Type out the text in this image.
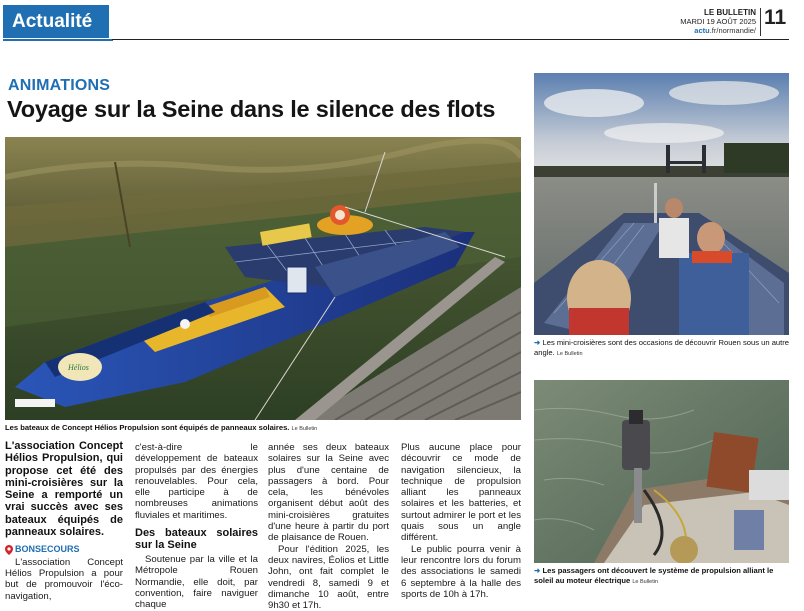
Actualité	LE BULLETIN
MARDI 19 AOÛT 2025
actu.fr/normandie/
11
ANIMATIONS
Voyage sur la Seine dans le silence des flots
Hélios
Les bateaux de Concept Hélios Propulsion sont équipés de panneaux solaires. Le Bulletin
➜ Les mini-croisières sont des occasions de découvrir Rouen sous un autre angle. Le Bulletin
➜ Les passagers ont découvert le système de propulsion alliant le soleil au moteur électrique Le Bulletin
L'association Concept Hélios Propulsion, qui propose cet été des mini-croisières sur la Seine a remporté un vrai succès avec ses bateaux équipés de panneaux solaires.
BONSECOURS

L'association Concept Hélios Propulsion a pour but de promouvoir l'éco-navigation,

c'est-à-dire le développement de bateaux propulsés par des énergies renouvelables. Pour cela, elle participe à de nombreuses animations fluviales et maritimes.

Des bateaux solaires sur la Seine

Soutenue par la ville et la Métropole Rouen Normandie, elle doit, par convention, faire naviguer chaque

année ses deux bateaux solaires sur la Seine avec plus d'une centaine de passagers à bord. Pour cela, les bénévoles organisent début août des mini-croisières gratuites d'une heure à partir du port de plaisance de Rouen.

Pour l'édition 2025, les deux navires, Éolios et Little John, ont fait complet le vendredi 8, samedi 9 et dimanche 10 août, entre 9h30 et 17h.

Plus aucune place pour découvrir ce mode de navigation silencieux, la technique de propulsion alliant les panneaux solaires et les batteries, et surtout admirer le port et les quais sous un angle différent.

Le public pourra venir à leur rencontre lors du forum des associations le samedi 6 septembre à la halle des sports de 10h à 17h.
